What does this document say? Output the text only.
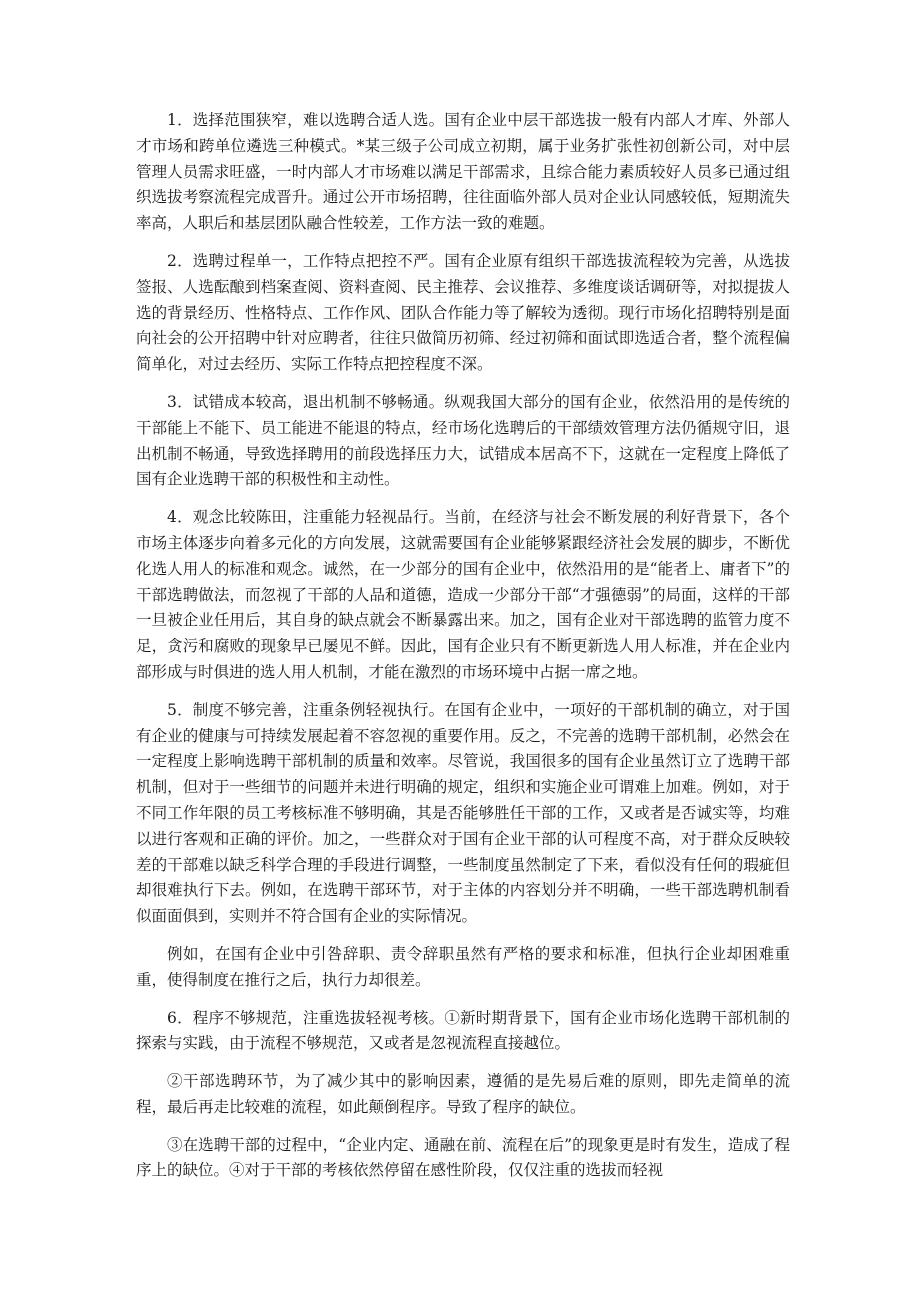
1．选择范围狭窄，难以选聘合适人选。国有企业中层干部选拔一般有内部人才库、外部人才市场和跨单位遴选三种模式。*某三级子公司成立初期，属于业务扩张性初创新公司，对中层管理人员需求旺盛，一时内部人才市场难以满足干部需求，且综合能力素质较好人员多已通过组织选拔考察流程完成晋升。通过公开市场招聘，往往面临外部人员对企业认同感较低，短期流失率高，人职后和基层团队融合性较差，工作方法一致的难题。

2．选聘过程单一，工作特点把控不严。国有企业原有组织干部选拔流程较为完善，从选拔签报、人选酝酿到档案查阅、资料查阅、民主推荐、会议推荐、多维度谈话调研等，对拟提拔人选的背景经历、性格特点、工作作风、团队合作能力等了解较为透彻。现行市场化招聘特别是面向社会的公开招聘中针对应聘者，往往只做简历初筛、经过初筛和面试即选适合者，整个流程偏简单化，对过去经历、实际工作特点把控程度不深。

3．试错成本较高，退出机制不够畅通。纵观我国大部分的国有企业，依然沿用的是传统的干部能上不能下、员工能进不能退的特点，经市场化选聘后的干部绩效管理方法仍循规守旧，退出机制不畅通，导致选择聘用的前段选择压力大，试错成本居高不下，这就在一定程度上降低了国有企业选聘干部的积极性和主动性。

4．观念比较陈田，注重能力轻视品行。当前，在经济与社会不断发展的利好背景下，各个市场主体逐步向着多元化的方向发展，这就需要国有企业能够紧跟经济社会发展的脚步，不断优化选人用人的标准和观念。诚然，在一少部分的国有企业中，依然沿用的是“能者上、庸者下”的干部选聘做法，而忽视了干部的人品和道德，造成一少部分干部“才强德弱”的局面，这样的干部一旦被企业任用后，其自身的缺点就会不断暴露出来。加之，国有企业对干部选聘的监管力度不足，贪污和腐败的现象早已屡见不鲜。因此，国有企业只有不断更新选人用人标准，并在企业内部形成与时俱进的选人用人机制，才能在激烈的市场环境中占据一席之地。

5．制度不够完善，注重条例轻视执行。在国有企业中，一项好的干部机制的确立，对于国有企业的健康与可持续发展起着不容忽视的重要作用。反之，不完善的选聘干部机制，必然会在一定程度上影响选聘干部机制的质量和效率。尽管说，我国很多的国有企业虽然订立了选聘干部机制，但对于一些细节的问题并未进行明确的规定，组织和实施企业可谓难上加难。例如，对于不同工作年限的员工考核标准不够明确，其是否能够胜任干部的工作，又或者是否诚实等，均难以进行客观和正确的评价。加之，一些群众对于国有企业干部的认可程度不高，对于群众反映较差的干部难以缺乏科学合理的手段进行调整，一些制度虽然制定了下来，看似没有任何的瑕疵但却很难执行下去。例如，在选聘干部环节，对于主体的内容划分并不明确，一些干部选聘机制看似面面俱到，实则并不符合国有企业的实际情况。

例如，在国有企业中引咎辞职、责令辞职虽然有严格的要求和标准，但执行企业却困难重重，使得制度在推行之后，执行力却很差。

6．程序不够规范，注重选拔轻视考核。①新时期背景下，国有企业市场化选聘干部机制的探索与实践，由于流程不够规范，又或者是忽视流程直接越位。

②干部选聘环节，为了减少其中的影响因素，遵循的是先易后难的原则，即先走简单的流程，最后再走比较难的流程，如此颠倒程序。导致了程序的缺位。

③在选聘干部的过程中，“企业内定、通融在前、流程在后”的现象更是时有发生，造成了程序上的缺位。④对于干部的考核依然停留在感性阶段，仅仅注重的选拔而轻视
